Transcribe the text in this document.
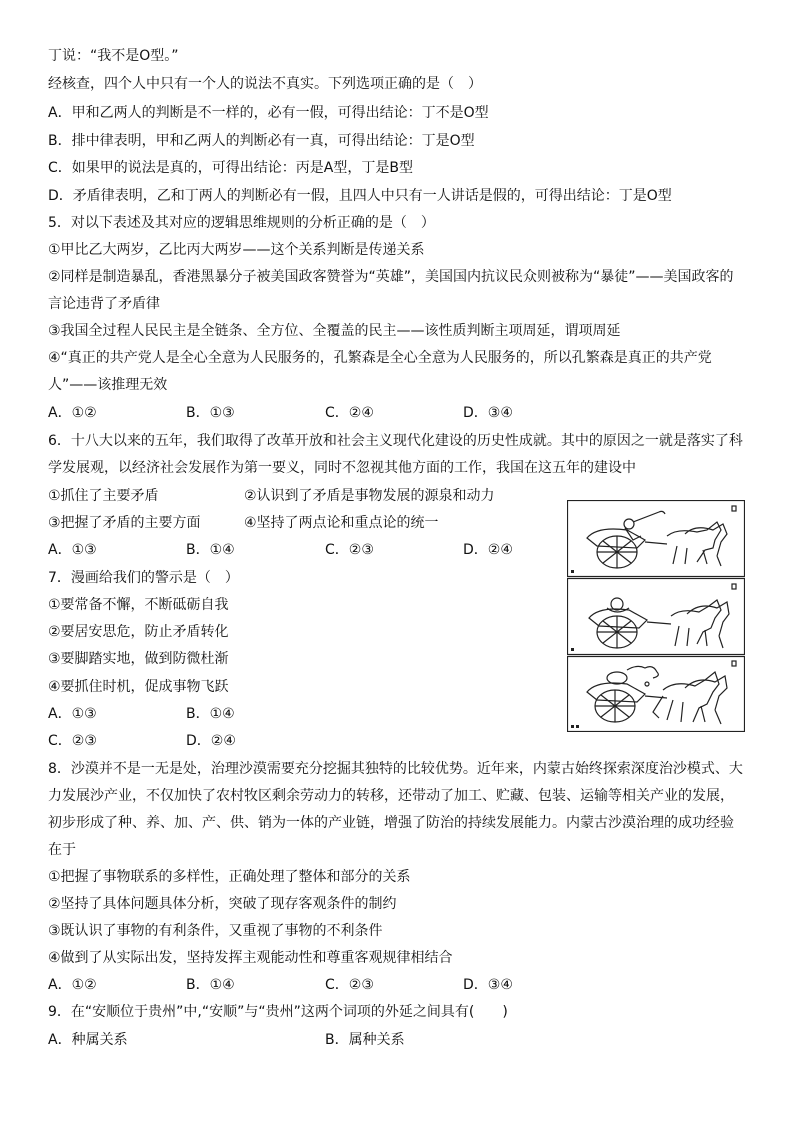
丁说：“我不是O型。”
经核查，四个人中只有一个人的说法不真实。下列选项正确的是（　）
A．甲和乙两人的判断是不一样的，必有一假，可得出结论：丁不是O型
B．排中律表明，甲和乙两人的判断必有一真，可得出结论：丁是O型
C．如果甲的说法是真的，可得出结论：丙是A型，丁是B型
D．矛盾律表明，乙和丁两人的判断必有一假，且四人中只有一人讲话是假的，可得出结论：丁是O型
5．对以下表述及其对应的逻辑思维规则的分析正确的是（　）
①甲比乙大两岁，乙比丙大两岁——这个关系判断是传递关系
②同样是制造暴乱，香港黑暴分子被美国政客赞誉为“英雄”，美国国内抗议民众则被称为“暴徒”——美国政客的
言论违背了矛盾律
③我国全过程人民民主是全链条、全方位、全覆盖的民主——该性质判断主项周延，谓项周延
④“真正的共产党人是全心全意为人民服务的，孔繁森是全心全意为人民服务的，所以孔繁森是真正的共产党
人”——该推理无效
A．①②	B．①③	C．②④	D．③④
6．十八大以来的五年，我们取得了改革开放和社会主义现代化建设的历史性成就。其中的原因之一就是落实了科
学发展观，以经济社会发展作为第一要义，同时不忽视其他方面的工作，我国在这五年的建设中
①抓住了主要矛盾	②认识到了矛盾是事物发展的源泉和动力
③把握了矛盾的主要方面	④坚持了两点论和重点论的统一
A．①③	B．①④	C．②③	D．②④
7．漫画给我们的警示是（　）
①要常备不懈，不断砥砺自我
②要居安思危，防止矛盾转化
③要脚踏实地，做到防微杜渐
④要抓住时机，促成事物飞跃
A．①③	B．①④
C．②③	D．②④
8．沙漠并不是一无是处，治理沙漠需要充分挖掘其独特的比较优势。近年来，内蒙古始终探索深度治沙模式、大
力发展沙产业，不仅加快了农村牧区剩余劳动力的转移，还带动了加工、贮藏、包装、运输等相关产业的发展，
初步形成了种、养、加、产、供、销为一体的产业链，增强了防治的持续发展能力。内蒙古沙漠治理的成功经验
在于
①把握了事物联系的多样性，正确处理了整体和部分的关系
②坚持了具体问题具体分析，突破了现存客观条件的制约
③既认识了事物的有利条件，又重视了事物的不利条件
④做到了从实际出发，坚持发挥主观能动性和尊重客观规律相结合
A．①②	B．①④	C．②③	D．③④
9．在“安顺位于贵州”中,“安顺”与“贵州”这两个词项的外延之间具有(　　)
A．种属关系	B．属种关系
